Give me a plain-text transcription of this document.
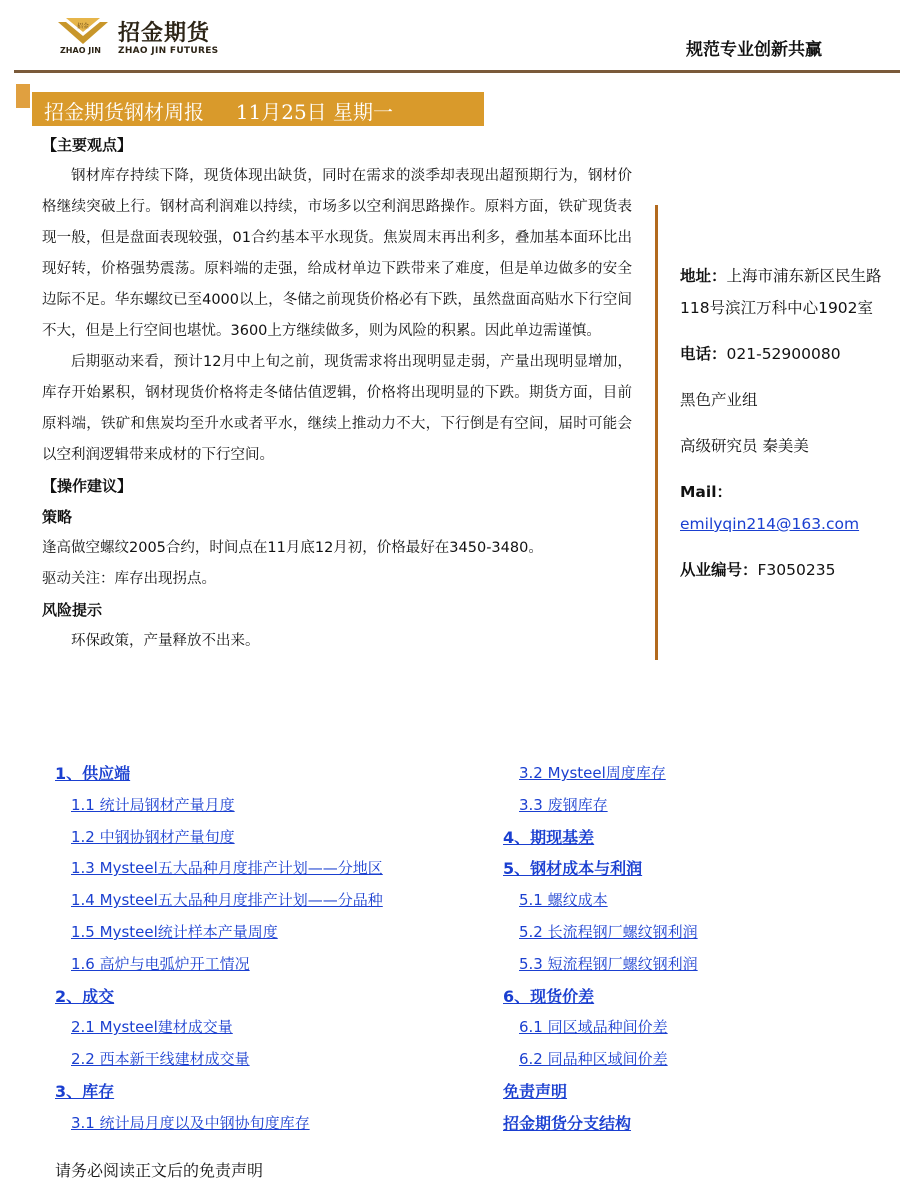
招金 招金期货
ZHAO JIN ZHAO JIN FUTURES	规范专业创新共赢
招金期货钢材周报     11月25日 星期一
【主要观点】
钢材库存持续下降，现货体现出缺货，同时在需求的淡季却表现出超预期行为，钢材价格继续突破上行。钢材高利润难以持续，市场多以空利润思路操作。原料方面，铁矿现货表现一般，但是盘面表现较强，01合约基本平水现货。焦炭周末再出利多，叠加基本面环比出现好转，价格强势震荡。原料端的走强，给成材单边下跌带来了难度，但是单边做多的安全边际不足。华东螺纹已至4000以上，冬储之前现货价格必有下跌，虽然盘面高贴水下行空间不大，但是上行空间也堪忧。3600上方继续做多，则为风险的积累。因此单边需谨慎。
后期驱动来看，预计12月中上旬之前，现货需求将出现明显走弱，产量出现明显增加，库存开始累积，钢材现货价格将走冬储估值逻辑，价格将出现明显的下跌。期货方面，目前原料端，铁矿和焦炭均至升水或者平水，继续上推动力不大，下行倒是有空间，届时可能会以空利润逻辑带来成材的下行空间。
【操作建议】
策略
逢高做空螺纹2005合约，时间点在11月底12月初，价格最好在3450-3480。
驱动关注：库存出现拐点。
风险提示
环保政策，产量释放不出来。
地址：上海市浦东新区民生路118号滨江万科中心1902室
电话：021-52900080
黑色产业组
高级研究员 秦美美
Mail：
emilyqin214@163.com
从业编号：F3050235
1、供应端
1.1 统计局钢材产量月度
1.2 中钢协钢材产量旬度
1.3 Mysteel五大品种月度排产计划——分地区
1.4 Mysteel五大品种月度排产计划——分品种
1.5 Mysteel统计样本产量周度
1.6 高炉与电弧炉开工情况
2、成交
2.1 Mysteel建材成交量
2.2 西本新干线建材成交量
3、库存
3.1 统计局月度以及中钢协旬度库存
3.2 Mysteel周度库存
3.3 废钢库存
4、期现基差
5、钢材成本与利润
5.1 螺纹成本
5.2 长流程钢厂螺纹钢利润
5.3 短流程钢厂螺纹钢利润
6、现货价差
6.1 同区域品种间价差
6.2 同品种区域间价差
免责声明
招金期货分支结构
请务必阅读正文后的免责声明
